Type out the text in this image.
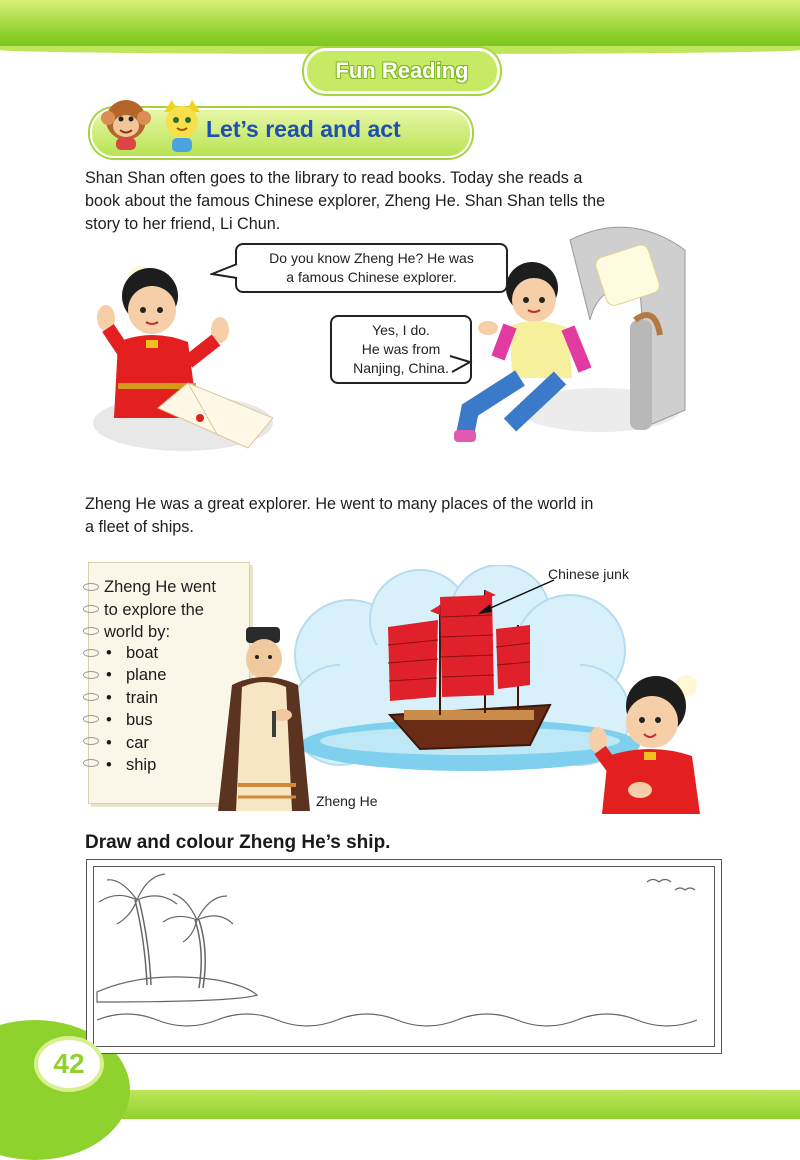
Fun Reading
Let’s read and act
Shan Shan often goes to the library to read books. Today she reads a
book about the famous Chinese explorer, Zheng He. Shan Shan tells the
story to her friend, Li Chun.
Do you know Zheng He? He was
a famous Chinese explorer.
Yes, I do.
He was from
Nanjing, China.
Zheng He was a great explorer. He went to many places of the world in
a fleet of ships.
Zheng He went
to explore the
world by:
• boat
• plane
• train
• bus
• car
• ship
Chinese junk
Zheng He
Draw and colour Zheng He’s ship.
42
